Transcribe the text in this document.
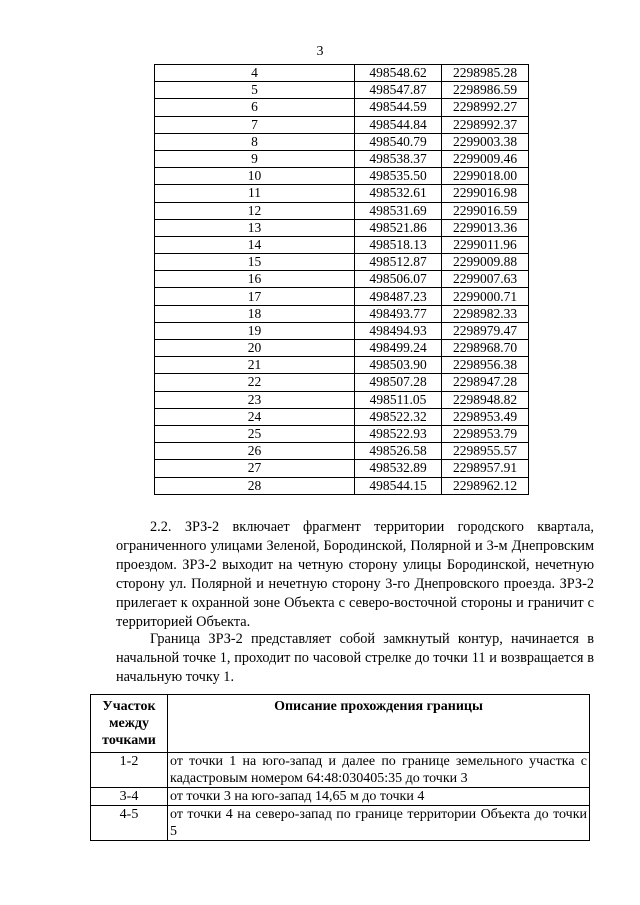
3
4	498548.62	2298985.28
5	498547.87	2298986.59
6	498544.59	2298992.27
7	498544.84	2298992.37
8	498540.79	2299003.38
9	498538.37	2299009.46
10	498535.50	2299018.00
11	498532.61	2299016.98
12	498531.69	2299016.59
13	498521.86	2299013.36
14	498518.13	2299011.96
15	498512.87	2299009.88
16	498506.07	2299007.63
17	498487.23	2299000.71
18	498493.77	2298982.33
19	498494.93	2298979.47
20	498499.24	2298968.70
21	498503.90	2298956.38
22	498507.28	2298947.28
23	498511.05	2298948.82
24	498522.32	2298953.49
25	498522.93	2298953.79
26	498526.58	2298955.57
27	498532.89	2298957.91
28	498544.15	2298962.12
2.2. ЗРЗ-2 включает фрагмент территории городского квартала, ограниченного улицами Зеленой, Бородинской, Полярной и 3-м Днепровским проездом. ЗРЗ-2 выходит на четную сторону улицы Бородинской, нечетную сторону ул. Полярной и нечетную сторону 3-го Днепровского проезда. ЗРЗ-2 прилегает к охранной зоне Объекта с северо-восточной стороны и граничит с территорией Объекта.
Граница ЗРЗ-2 представляет собой замкнутый контур, начинается в начальной точке 1, проходит по часовой стрелке до точки 11 и возвращается в начальную точку 1.
Участок между точками	Описание прохождения границы
1-2	от точки 1 на юго-запад и далее по границе земельного участка с кадастровым номером 64:48:030405:35 до точки 3
3-4	от точки 3 на юго-запад 14,65 м до точки 4
4-5	от точки 4 на северо-запад по границе территории Объекта до точки 5
